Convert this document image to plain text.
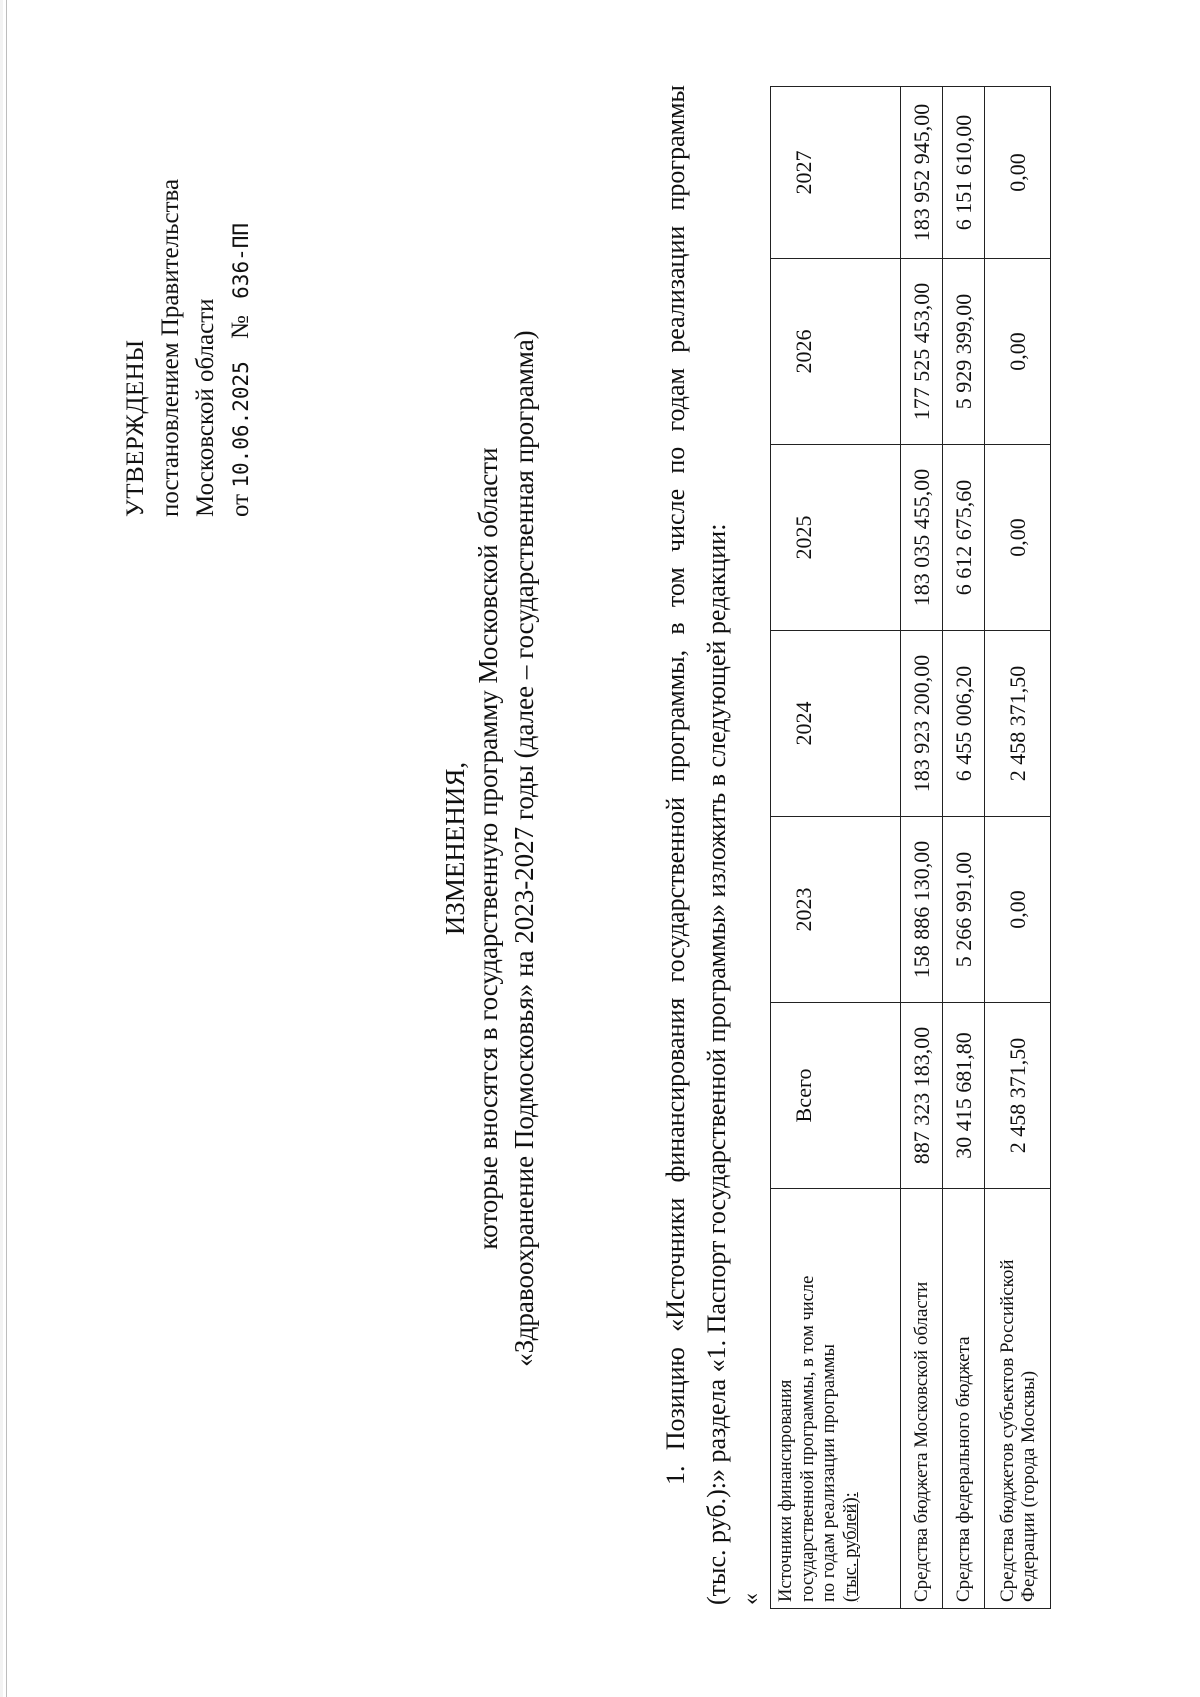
УТВЕРЖДЕНЫ постановлением Правительства Московской области от 10.06.2025 № 636-ПП
ИЗМЕНЕНИЯ, которые вносятся в государственную программу Московской области «Здравоохранение Подмосковья» на 2023-2027 годы (далее – государственная программа)	1. Позицию «Источники финансирования государственной программы, в том числе по годам реализации программы (тыс. руб.):» раздела «1. Паспорт государственной программы» изложить в следующей редакции: « Источники финансирования государственной программы, в том числе по годам реализации программы (тыс. рублей):	Всего	2023	2024	2025	2026	2027
Средства бюджета Московской области	887 323 183,00	158 886 130,00	183 923 200,00	183 035 455,00	177 525 453,00	183 952 945,00
Средства федерального бюджета	30 415 681,80	5 266 991,00	6 455 006,20	6 612 675,60	5 929 399,00	6 151 610,00
Средства бюджетов субъектов Российской Федерации (города Москвы)	2 458 371,50	0,00	2 458 371,50	0,00	0,00	0,00
